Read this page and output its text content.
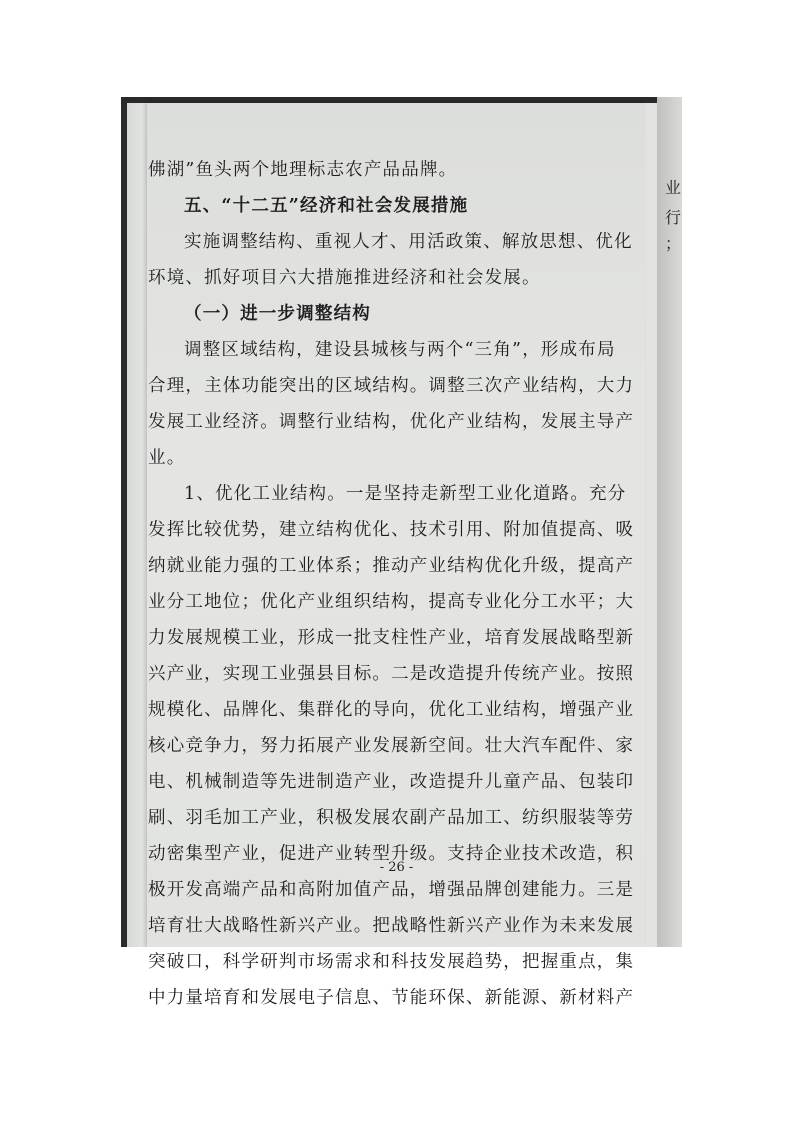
业
行
；
佛湖”鱼头两个地理标志农产品品牌。
五、“十二五”经济和社会发展措施
实施调整结构、重视人才、用活政策、解放思想、优化
环境、抓好项目六大措施推进经济和社会发展。
（一）进一步调整结构
调整区域结构，建设县城核与两个“三角”，形成布局
合理，主体功能突出的区域结构。调整三次产业结构，大力
发展工业经济。调整行业结构，优化产业结构，发展主导产
业。
1、优化工业结构。一是坚持走新型工业化道路。充分
发挥比较优势，建立结构优化、技术引用、附加值提高、吸
纳就业能力强的工业体系；推动产业结构优化升级，提高产
业分工地位；优化产业组织结构，提高专业化分工水平；大
力发展规模工业，形成一批支柱性产业，培育发展战略型新
兴产业，实现工业强县目标。二是改造提升传统产业。按照
规模化、品牌化、集群化的导向，优化工业结构，增强产业
核心竞争力，努力拓展产业发展新空间。壮大汽车配件、家
电、机械制造等先进制造产业，改造提升儿童产品、包装印
刷、羽毛加工产业，积极发展农副产品加工、纺织服装等劳
动密集型产业，促进产业转型升级。支持企业技术改造，积
极开发高端产品和高附加值产品，增强品牌创建能力。三是
培育壮大战略性新兴产业。把战略性新兴产业作为未来发展
突破口，科学研判市场需求和科技发展趋势，把握重点，集
中力量培育和发展电子信息、节能环保、新能源、新材料产
- 26 -
